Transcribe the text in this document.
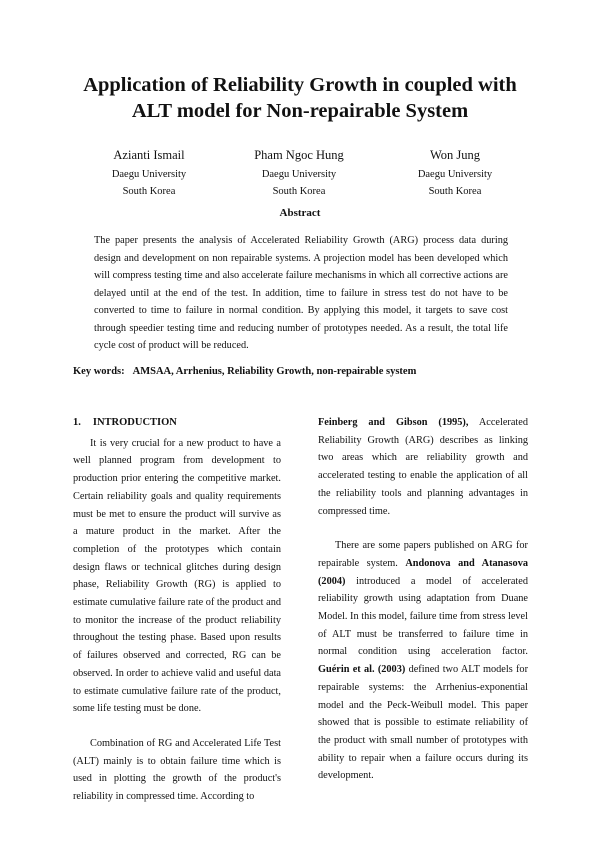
Application of Reliability Growth in coupled with
ALT model for Non-repairable System
Azianti Ismail
Daegu University
South Korea
Pham Ngoc Hung
Daegu University
South Korea
Won Jung
Daegu University
South Korea
Abstract
The paper presents the analysis of Accelerated Reliability Growth (ARG) process data during design and development on non repairable systems. A projection model has been developed which will compress testing time and also accelerate failure mechanisms in which all corrective actions are delayed until at the end of the test. In addition, time to failure in stress test do not have to be converted to time to failure in normal condition. By applying this model, it targets to save cost through speedier testing time and reducing number of prototypes needed. As a result, the total life cycle cost of product will be reduced.
Key words: AMSAA, Arrhenius, Reliability Growth, non-repairable system
1. INTRODUCTION

It is very crucial for a new product to have a well planned program from development to production prior entering the competitive market. Certain reliability goals and quality requirements must be met to ensure the product will survive as a mature product in the market. After the completion of the prototypes which contain design flaws or technical glitches during design phase, Reliability Growth (RG) is applied to estimate cumulative failure rate of the product and to monitor the increase of the product reliability throughout the testing phase. Based upon results of failures observed and corrected, RG can be observed. In order to achieve valid and useful data to estimate cumulative failure rate of the product, some life testing must be done.

Combination of RG and Accelerated Life Test (ALT) mainly is to obtain failure time which is used in plotting the growth of the product's reliability in compressed time. According to

Feinberg and Gibson (1995), Accelerated Reliability Growth (ARG) describes as linking two areas which are reliability growth and accelerated testing to enable the application of all the reliability tools and planning advantages in compressed time.

There are some papers published on ARG for repairable system. Andonova and Atanasova (2004) introduced a model of accelerated reliability growth using adaptation from Duane Model. In this model, failure time from stress level of ALT must be transferred to failure time in normal condition using acceleration factor. Guérin et al. (2003) defined two ALT models for repairable systems: the Arrhenius-exponential model and the Peck-Weibull model. This paper showed that is possible to estimate reliability of the product with small number of prototypes with ability to repair when a failure occurs during its development.
